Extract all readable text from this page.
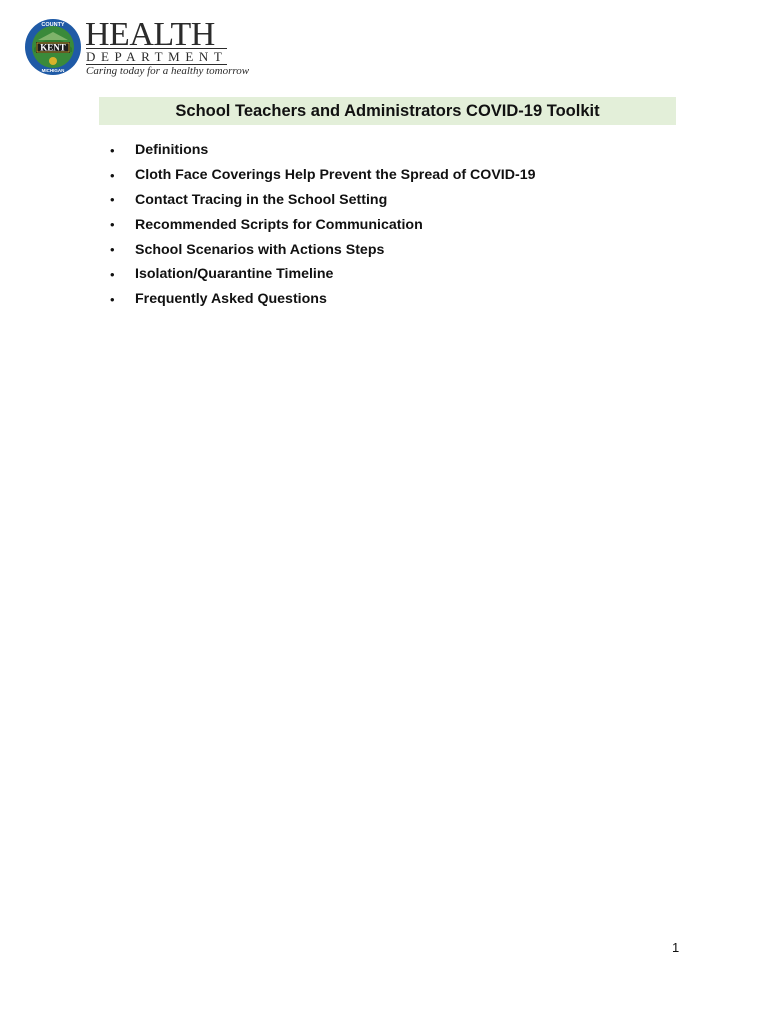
KENT
COUNTY
MICHIGAN
HEALTH
DEPARTMENT
Caring today for a healthy tomorrow
School Teachers and Administrators COVID-19 Toolkit
•	Definitions
•	Cloth Face Coverings Help Prevent the Spread of COVID-19
•	Contact Tracing in the School Setting
•	Recommended Scripts for Communication
•	School Scenarios with Actions Steps
•	Isolation/Quarantine Timeline
•	Frequently Asked Questions
1
